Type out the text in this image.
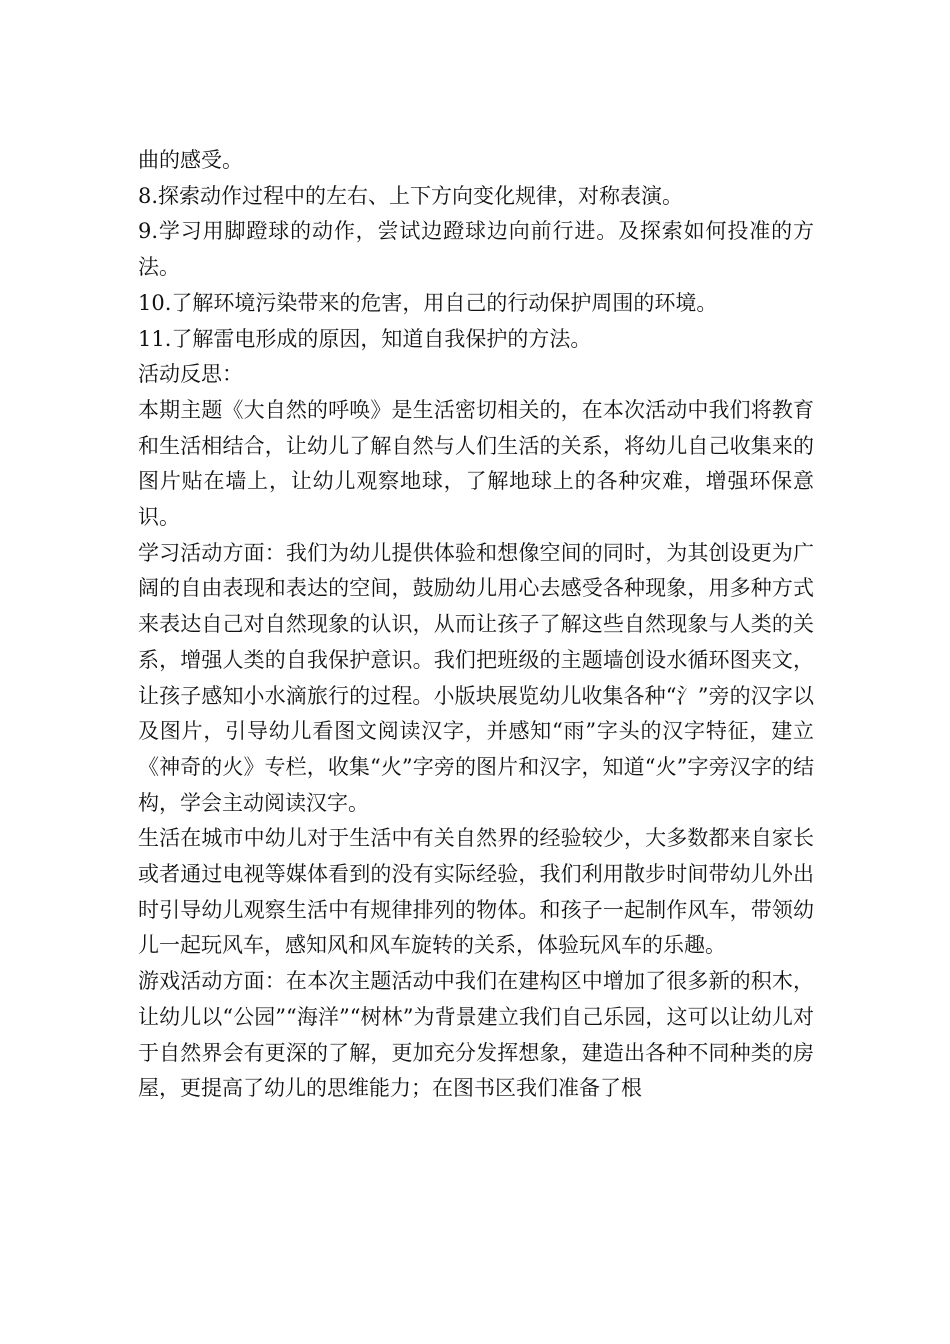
曲的感受。

8.探索动作过程中的左右、上下方向变化规律，对称表演。

9.学习用脚蹬球的动作，尝试边蹬球边向前行进。及探索如何投准的方法。

10.了解环境污染带来的危害，用自己的行动保护周围的环境。

11.了解雷电形成的原因，知道自我保护的方法。

活动反思：

本期主题《大自然的呼唤》是生活密切相关的，在本次活动中我们将教育和生活相结合，让幼儿了解自然与人们生活的关系，将幼儿自己收集来的图片贴在墙上，让幼儿观察地球，了解地球上的各种灾难，增强环保意识。

学习活动方面：我们为幼儿提供体验和想像空间的同时，为其创设更为广阔的自由表现和表达的空间，鼓励幼儿用心去感受各种现象，用多种方式来表达自己对自然现象的认识，从而让孩子了解这些自然现象与人类的关系，增强人类的自我保护意识。我们把班级的主题墙创设水循环图夹文，让孩子感知小水滴旅行的过程。小版块展览幼儿收集各种“氵”旁的汉字以及图片，引导幼儿看图文阅读汉字，并感知“雨”字头的汉字特征，建立《神奇的火》专栏，收集“火”字旁的图片和汉字，知道“火”字旁汉字的结构，学会主动阅读汉字。

生活在城市中幼儿对于生活中有关自然界的经验较少，大多数都来自家长或者通过电视等媒体看到的没有实际经验，我们利用散步时间带幼儿外出时引导幼儿观察生活中有规律排列的物体。和孩子一起制作风车，带领幼儿一起玩风车，感知风和风车旋转的关系，体验玩风车的乐趣。

游戏活动方面：在本次主题活动中我们在建构区中增加了很多新的积木，让幼儿以“公园”“海洋”“树林”为背景建立我们自己乐园，这可以让幼儿对于自然界会有更深的了解，更加充分发挥想象，建造出各种不同种类的房屋，更提高了幼儿的思维能力；在图书区我们准备了根
